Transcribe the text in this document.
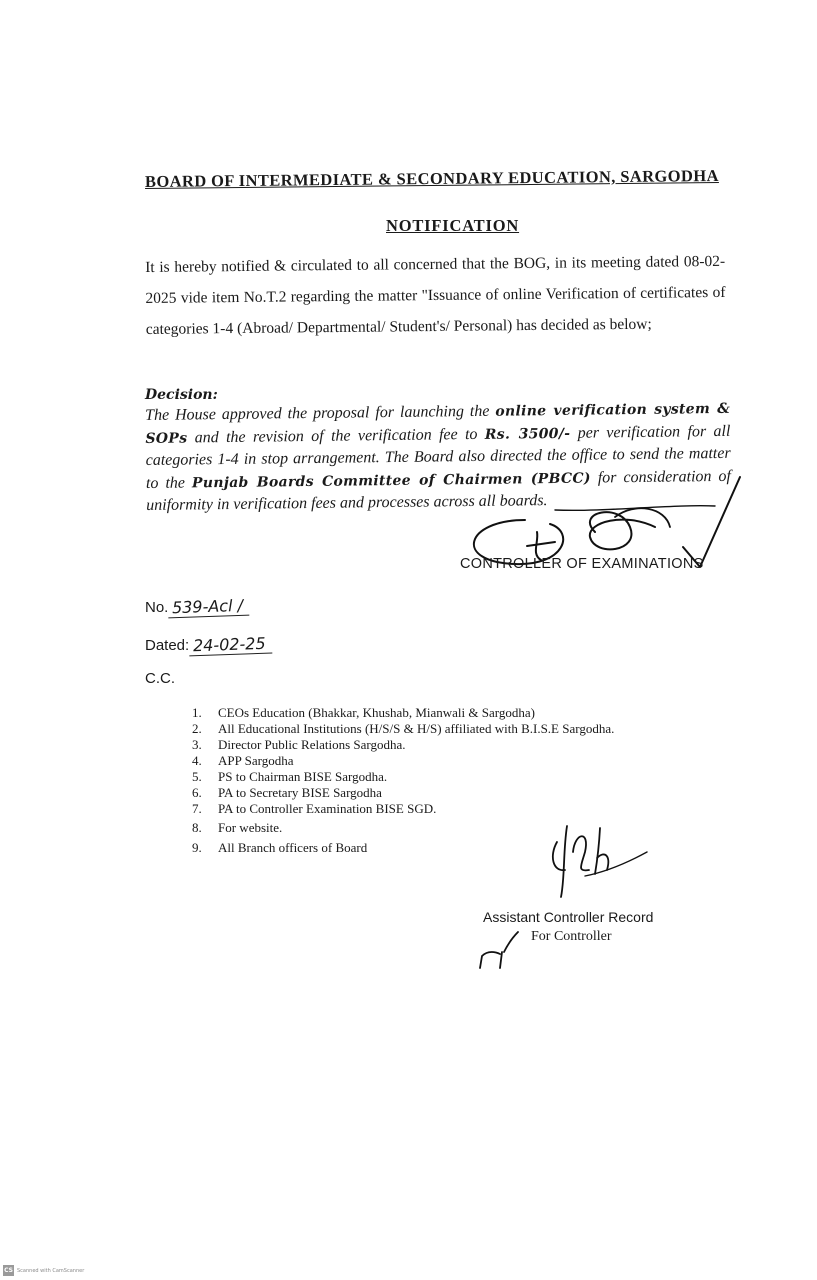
BOARD OF INTERMEDIATE & SECONDARY EDUCATION, SARGODHA
NOTIFICATION
It is hereby notified & circulated to all concerned that the BOG, in its meeting dated 08-02-2025 vide item No.T.2 regarding the matter "Issuance of online Verification of certificates of categories 1-4 (Abroad/ Departmental/ Student's/ Personal) has decided as below;
Decision:
The House approved the proposal for launching the online verification system & SOPs and the revision of the verification fee to Rs. 3500/- per verification for all categories 1-4 in stop arrangement. The Board also directed the office to send the matter to the Punjab Boards Committee of Chairmen (PBCC) for consideration of uniformity in verification fees and processes across all boards.
CONTROLLER OF EXAMINATIONS
No. 539-Acl /
Dated: 24-02-25
C.C.
1. CEOs Education (Bhakkar, Khushab, Mianwali & Sargodha)
2. All Educational Institutions (H/S/S & H/S) affiliated with B.I.S.E Sargodha.
3. Director Public Relations Sargodha.
4. APP Sargodha
5. PS to Chairman BISE Sargodha.
6. PA to Secretary BISE Sargodha
7. PA to Controller Examination BISE SGD.
8. For website.
9. All Branch officers of Board
Assistant Controller Record
For Controller
CS Scanned with CamScanner
